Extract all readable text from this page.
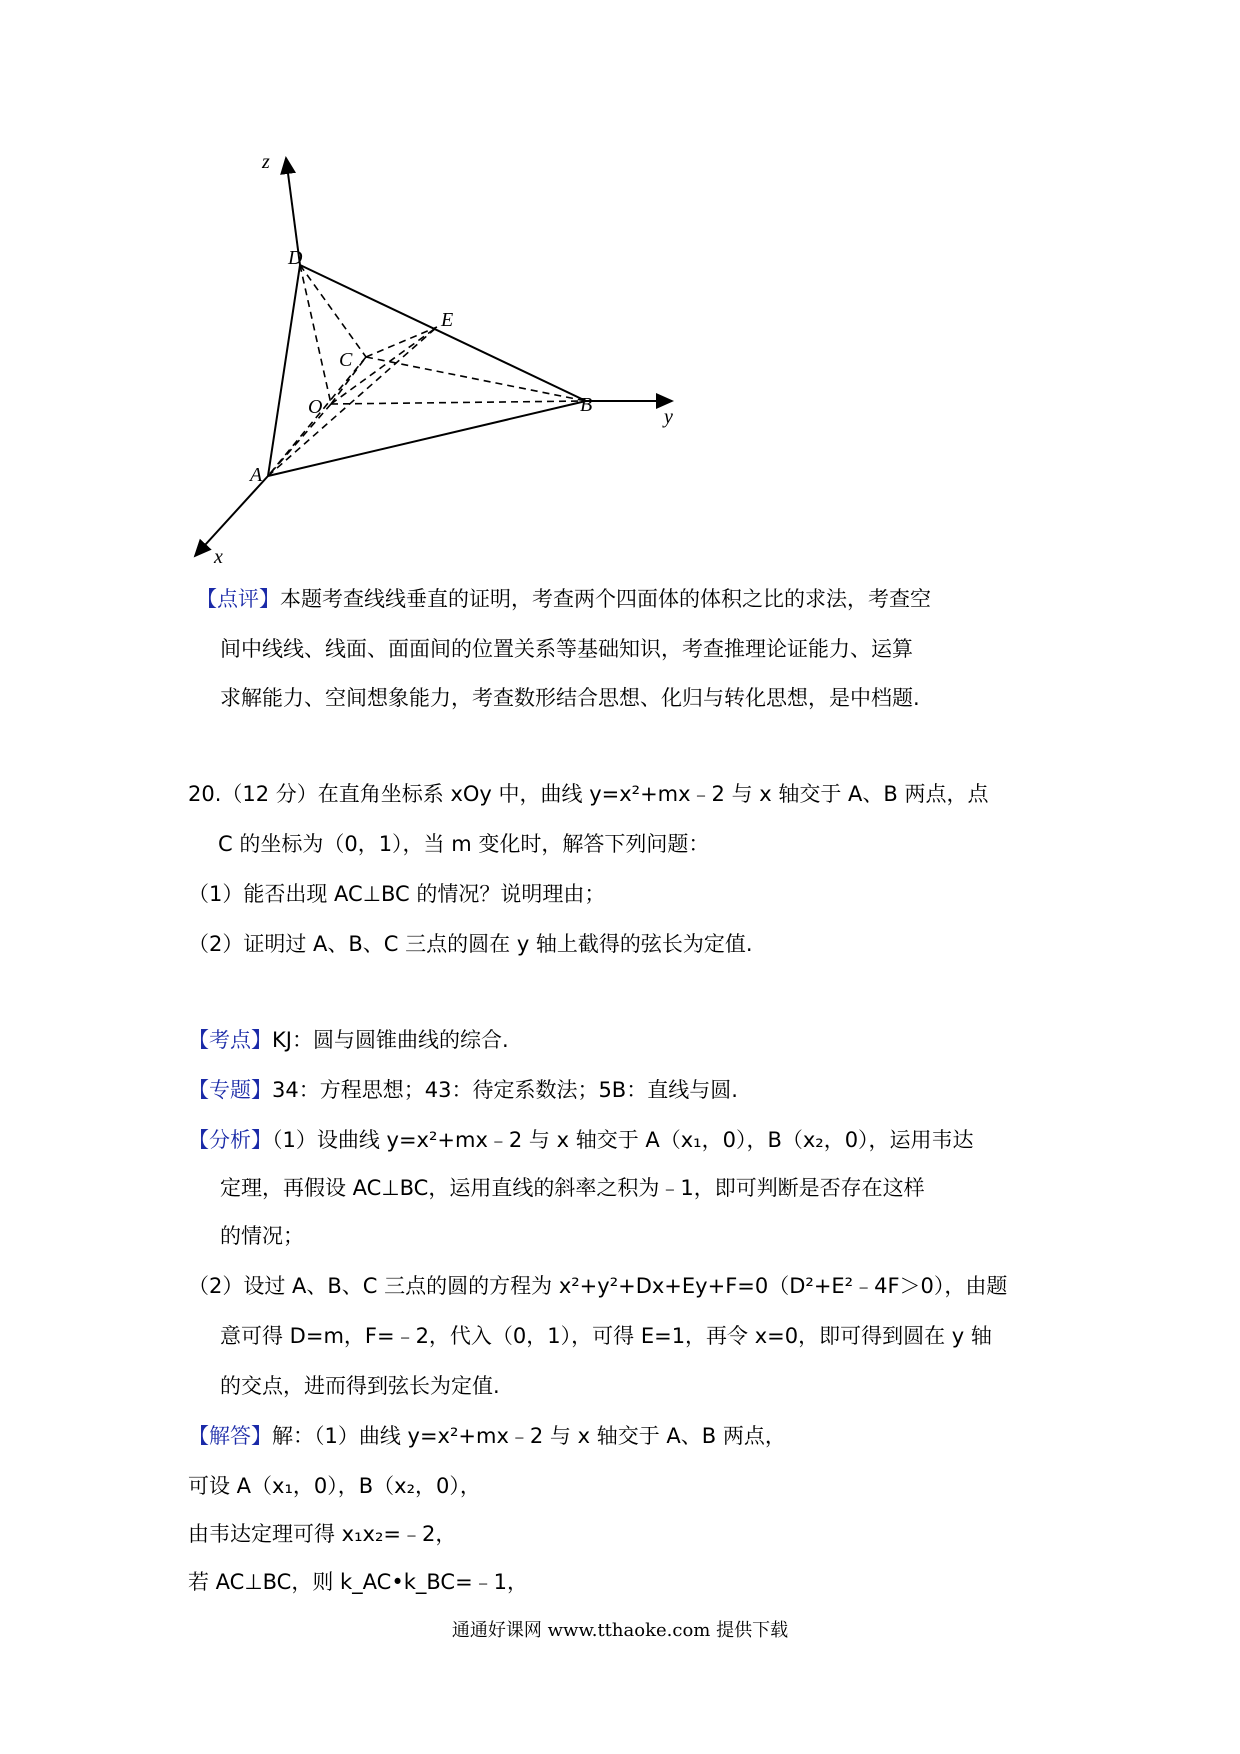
z
D
E
C
O	B
y
A
x
【点评】本题考查线线垂直的证明，考查两个四面体的体积之比的求法，考查空
间中线线、线面、面面间的位置关系等基础知识，考查推理论证能力、运算
求解能力、空间想象能力，考查数形结合思想、化归与转化思想，是中档题.
20.（12 分）在直角坐标系 xOy 中，曲线 y=x²+mx﹣2 与 x 轴交于 A、B 两点，点
C 的坐标为（0，1），当 m 变化时，解答下列问题：
（1）能否出现 AC⊥BC 的情况？说明理由；
（2）证明过 A、B、C 三点的圆在 y 轴上截得的弦长为定值.
【考点】KJ：圆与圆锥曲线的综合.
【专题】34：方程思想；43：待定系数法；5B：直线与圆.
【分析】（1）设曲线 y=x²+mx﹣2 与 x 轴交于 A（x₁，0），B（x₂，0），运用韦达
定理，再假设 AC⊥BC，运用直线的斜率之积为﹣1，即可判断是否存在这样
的情况；
（2）设过 A、B、C 三点的圆的方程为 x²+y²+Dx+Ey+F=0（D²+E²﹣4F＞0），由题
意可得 D=m，F=﹣2，代入（0，1），可得 E=1，再令 x=0，即可得到圆在 y 轴
的交点，进而得到弦长为定值.
【解答】解：（1）曲线 y=x²+mx﹣2 与 x 轴交于 A、B 两点，
可设 A（x₁，0），B（x₂，0），
由韦达定理可得 x₁x₂=﹣2，
若 AC⊥BC，则 k_AC•k_BC=﹣1，
通通好课网 www.tthaoke.com 提供下载
